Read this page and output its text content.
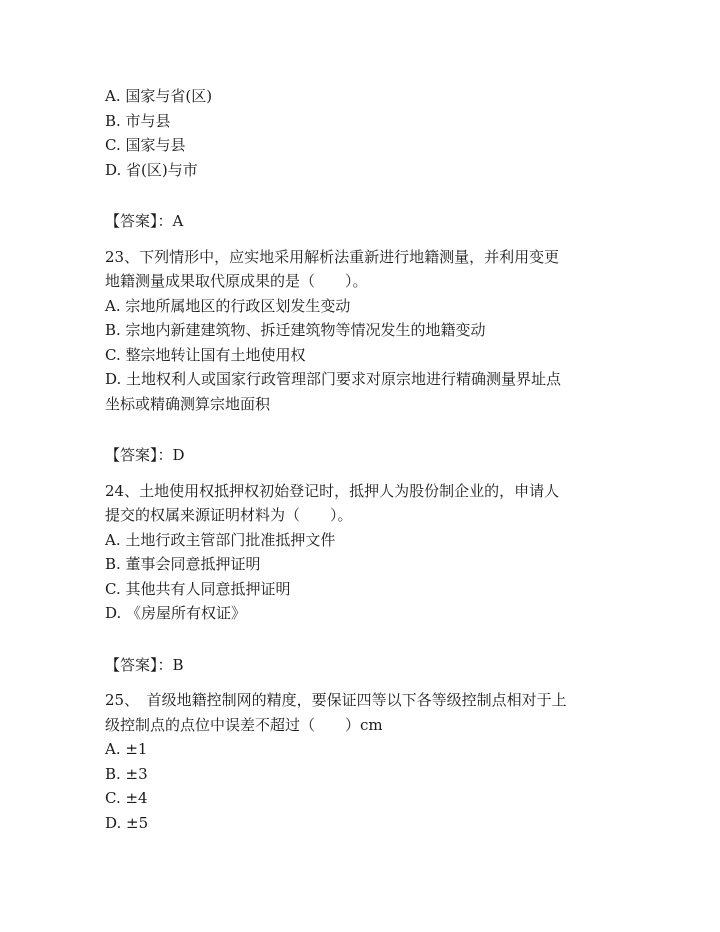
A. 国家与省(区)
B. 市与县
C. 国家与县
D. 省(区)与市
【答案】：A
23、下列情形中，应实地采用解析法重新进行地籍测量，并利用变更
地籍测量成果取代原成果的是（　　）。
A. 宗地所属地区的行政区划发生变动
B. 宗地内新建建筑物、拆迁建筑物等情况发生的地籍变动
C. 整宗地转让国有土地使用权
D. 土地权利人或国家行政管理部门要求对原宗地进行精确测量界址点
坐标或精确测算宗地面积
【答案】：D
24、土地使用权抵押权初始登记时，抵押人为股份制企业的，申请人
提交的权属来源证明材料为（　　）。
A. 土地行政主管部门批准抵押文件
B. 董事会同意抵押证明
C. 其他共有人同意抵押证明
D. 《房屋所有权证》
【答案】：B
25、　首级地籍控制网的精度，要保证四等以下各等级控制点相对于上
级控制点的点位中误差不超过（　　）cm
A. ±1
B. ±3
C. ±4
D. ±5
